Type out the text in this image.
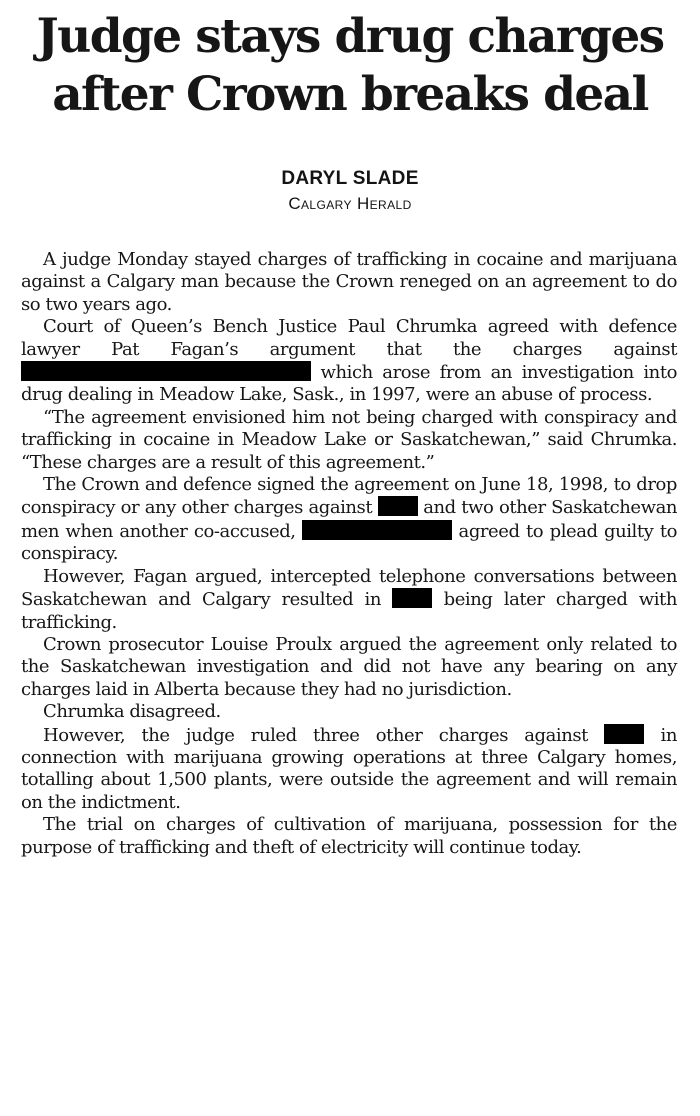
Judge stays drug charges
after Crown breaks deal
DARYL SLADE
Calgary Herald

A judge Monday stayed charges of trafficking in cocaine and marijuana against a Calgary man because the Crown reneged on an agreement to do so two years ago.

Court of Queen’s Bench Justice Paul Chrumka agreed with defence lawyer Pat Fagan’s argument that the charges against  which arose from an investigation into drug dealing in Meadow Lake, Sask., in 1997, were an abuse of process.

“The agreement envisioned him not being charged with conspiracy and trafficking in cocaine in Meadow Lake or Saskatchewan,” said Chrumka. “These charges are a result of this agreement.”

The Crown and defence signed the agreement on June 18, 1998, to drop conspiracy or any other charges against  and two other Saskatchewan men when another co-accused,	agreed to plead guilty to conspiracy.

However, Fagan argued, intercepted telephone conversations between Saskatchewan and Calgary resulted in  being later charged with trafficking.

Crown prosecutor Louise Proulx argued the agreement only related to the Saskatchewan investigation and did not have any bearing on any charges laid in Alberta because they had no jurisdiction.

Chrumka disagreed.

However, the judge ruled three other charges against  in connection with marijuana growing operations at three Calgary homes, totalling about 1,500 plants, were outside the agreement and will remain on the indictment.

The trial on charges of cultivation of marijuana, possession for the purpose of trafficking and theft of electricity will continue today.
